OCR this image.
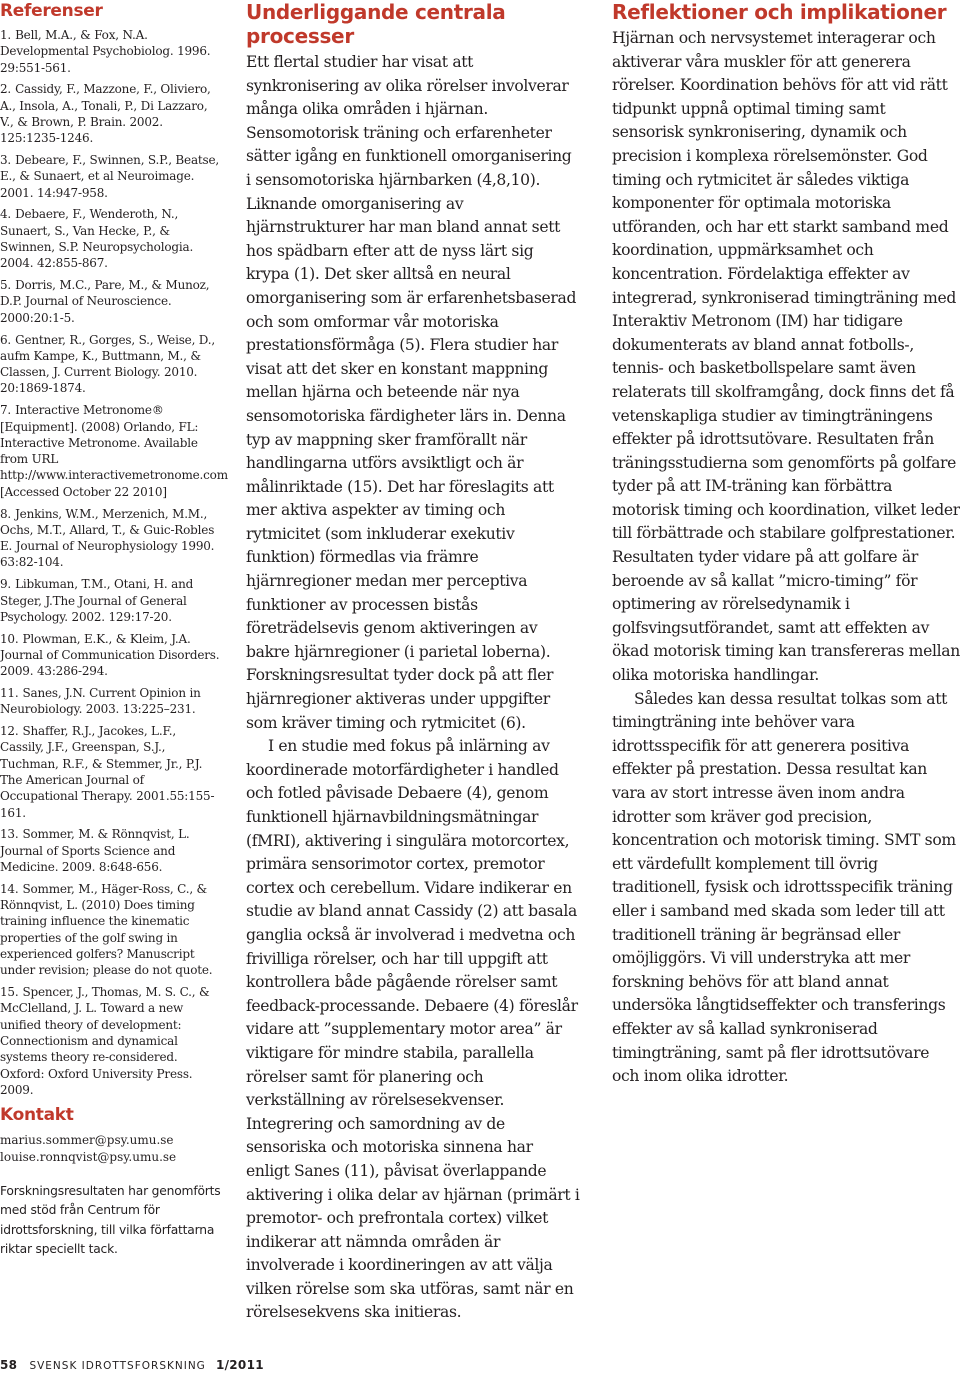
Referenser
1. Bell, M.A., & Fox, N.A. Developmental Psychobiolog. 1996. 29:551-561.
2. Cassidy, F., Mazzone, F., Oliviero, A., Insola, A., Tonali, P., Di Lazzaro, V., & Brown, P. Brain. 2002. 125:1235-1246.
3. Debeare, F., Swinnen, S.P., Beatse, E., & Sunaert, et al Neuroimage. 2001. 14:947-958.
4. Debaere, F., Wenderoth, N., Sunaert, S., Van Hecke, P., & Swinnen, S.P. Neuropsychologia. 2004. 42:855-867.
5. Dorris, M.C., Pare, M., & Munoz, D.P. Journal of Neuroscience. 2000:20:1-5.
6. Gentner, R., Gorges, S., Weise, D., aufm Kampe, K., Buttmann, M., & Classen, J. Current Biology. 2010. 20:1869-1874.
7. Interactive Metronome® [Equipment]. (2008) Orlando, FL: Interactive Metronome. Available from URL http://www.interactivemetronome.com [Accessed October 22 2010]
8. Jenkins, W.M., Merzenich, M.M., Ochs, M.T., Allard, T., & Guic-Robles E. Journal of Neurophysiology 1990. 63:82-104.
9. Libkuman, T.M., Otani, H. and Steger, J.The Journal of General Psychology. 2002. 129:17-20.
10. Plowman, E.K., & Kleim, J.A. Journal of Communication Disorders. 2009. 43:286-294.
11. Sanes, J.N. Current Opinion in Neurobiology. 2003. 13:225–231.
12. Shaffer, R.J., Jacokes, L.F., Cassily, J.F., Greenspan, S.J., Tuchman, R.F., & Stemmer, Jr., P.J. The American Journal of Occupational Therapy. 2001.55:155-161.
13. Sommer, M. & Rönnqvist, L. Journal of Sports Science and Medicine. 2009. 8:648-656.
14. Sommer, M., Häger-Ross, C., & Rönnqvist, L. (2010) Does timing training influence the kinematic properties of the golf swing in experienced golfers? Manuscript under revision; please do not quote.
15. Spencer, J., Thomas, M. S. C., & McClelland, J. L. Toward a new unified theory of development: Connectionism and dynamical systems theory re-considered. Oxford: Oxford University Press. 2009.
Kontakt
marius.sommer@psy.umu.se
louise.ronnqvist@psy.umu.se
Forskningsresultaten har genomförts med stöd från Centrum för idrottsforskning, till vilka författarna riktar speciellt tack.
Underliggande centrala processer

Ett flertal studier har visat att synkronisering av olika rörelser involverar många olika områden i hjärnan. Sensomotorisk träning och erfarenheter sätter igång en funktionell omorganisering i sensomotoriska hjärnbarken (4,8,10). Liknande omorganisering av hjärnstrukturer har man bland annat sett hos spädbarn efter att de nyss lärt sig krypa (1). Det sker alltså en neural omorganisering som är erfarenhetsbaserad och som omformar vår motoriska prestationsförmåga (5). Flera studier har visat att det sker en konstant mappning mellan hjärna och beteende när nya sensomotoriska färdigheter lärs in. Denna typ av mappning sker framförallt när handlingarna utförs avsiktligt och är målinriktade (15). Det har föreslagits att mer aktiva aspekter av timing och rytmicitet (som inkluderar exekutiv funktion) förmedlas via främre hjärnregioner medan mer perceptiva funktioner av processen bistås företrädelsevis genom aktiveringen av bakre hjärnregioner (i parietal loberna). Forskningsresultat tyder dock på att fler hjärnregioner aktiveras under uppgifter som kräver timing och rytmicitet (6).

I en studie med fokus på inlärning av koordinerade motorfärdigheter i handled och fotled påvisade Debaere (4), genom funktionell hjärnavbildningsmätningar (fMRI), aktivering i singulära motorcortex, primära sensorimotor cortex, premotor cortex och cerebellum. Vidare indikerar en studie av bland annat Cassidy (2) att basala ganglia också är involverad i medvetna och frivilliga rörelser, och har till uppgift att kontrollera både pågående rörelser samt feedback-processande. Debaere (4) föreslår vidare att ”supplementary motor area” är viktigare för mindre stabila, parallella rörelser samt för planering och verkställning av rörelsesekvenser. Integrering och samordning av de sensoriska och motoriska sinnena har enligt Sanes (11), påvisat överlappande aktivering i olika delar av hjärnan (primärt i premotor- och prefrontala cortex) vilket indikerar att nämnda områden är involverade i koordineringen av att välja vilken rörelse som ska utföras, samt när en rörelsesekvens ska initieras.

Reflektioner och implikationer

Hjärnan och nervsystemet interagerar och aktiverar våra muskler för att generera rörelser. Koordination behövs för att vid rätt tidpunkt uppnå optimal timing samt sensorisk synkronisering, dynamik och precision i komplexa rörelsemönster. God timing och rytmicitet är således viktiga komponenter för optimala motoriska utföranden, och har ett starkt samband med koordination, uppmärksamhet och koncentration. Fördelaktiga effekter av integrerad, synkroniserad timingträning med Interaktiv Metronom (IM) har tidigare dokumenterats av bland annat fotbolls-, tennis- och basketbollspelare samt även relaterats till skolframgång, dock finns det få vetenskapliga studier av timingträningens effekter på idrottsutövare. Resultaten från träningsstudierna som genomförts på golfare tyder på att IM-träning kan förbättra motorisk timing och koordination, vilket leder till förbättrade och stabilare golfprestationer. Resultaten tyder vidare på att golfare är beroende av så kallat ”micro-timing” för optimering av rörelsedynamik i golfsvingsutförandet, samt att effekten av ökad motorisk timing kan transfereras mellan olika motoriska handlingar.

Således kan dessa resultat tolkas som att timingträning inte behöver vara idrottsspecifik för att generera positiva effekter på prestation. Dessa resultat kan vara av stort intresse även inom andra idrotter som kräver god precision, koncentration och motorisk timing. SMT som ett värdefullt komplement till övrig traditionell, fysisk och idrottsspecifik träning eller i samband med skada som leder till att traditionell träning är begränsad eller omöjliggörs. Vi vill understryka att mer forskning behövs för att bland annat undersöka långtidseffekter och transferings effekter av så kallad synkroniserad timingträning, samt på fler idrottsutövare och inom olika idrotter.

58 SVENSK IDROTTSFORSKNING 1/2011
